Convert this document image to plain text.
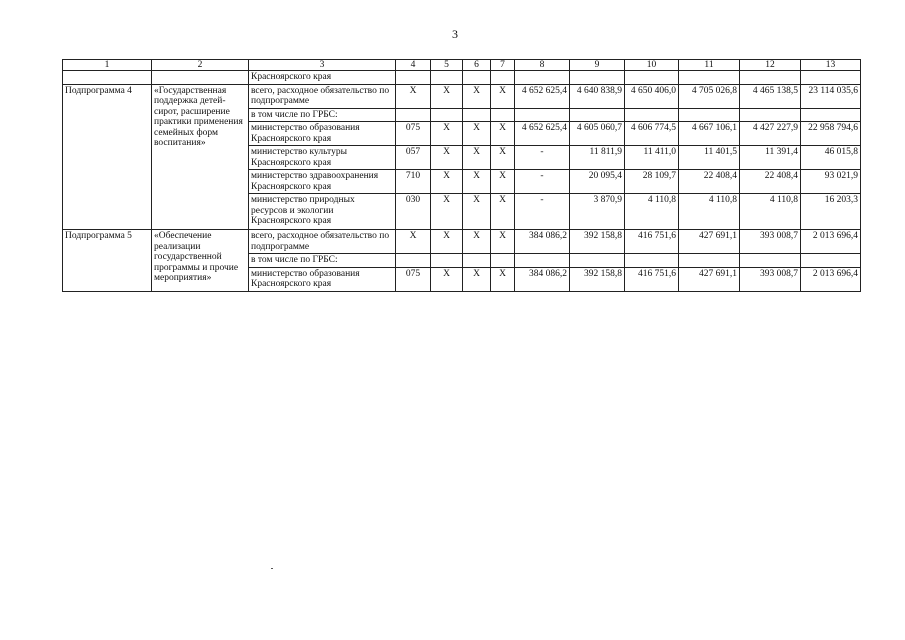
3
1	2	3	4	5	6	7	8	9	10	11	12	13
		Красноярского края										
Подпрограмма 4	«Государственная поддержка детей-сирот, расширение практики применения семейных форм воспитания»	всего, расходное обязательство по подпрограмме	Х	Х	Х	Х	4 652 625,4	4 640 838,9	4 650 406,0	4 705 026,8	4 465 138,5	23 114 035,6
		в том числе по ГРБС:										
		министерство образования Красноярского края	075	Х	Х	Х	4 652 625,4	4 605 060,7	4 606 774,5	4 667 106,1	4 427 227,9	22 958 794,6
		министерство культуры Красноярского края	057	Х	Х	Х	-	11 811,9	11 411,0	11 401,5	11 391,4	46 015,8
		министерство здравоохранения Красноярского края	710	Х	Х	Х	-	20 095,4	28 109,7	22 408,4	22 408,4	93 021,9
		министерство природных ресурсов и экологии Красноярского края	030	Х	Х	Х	-	3 870,9	4 110,8	4 110,8	4 110,8	16 203,3
Подпрограмма 5	«Обеспечение реализации государственной программы и прочие мероприятия»	всего, расходное обязательство по подпрограмме	Х	Х	Х	Х	384 086,2	392 158,8	416 751,6	427 691,1	393 008,7	2 013 696,4
		в том числе по ГРБС:										
		министерство образования Красноярского края	075	Х	Х	Х	384 086,2	392 158,8	416 751,6	427 691,1	393 008,7	2 013 696,4
